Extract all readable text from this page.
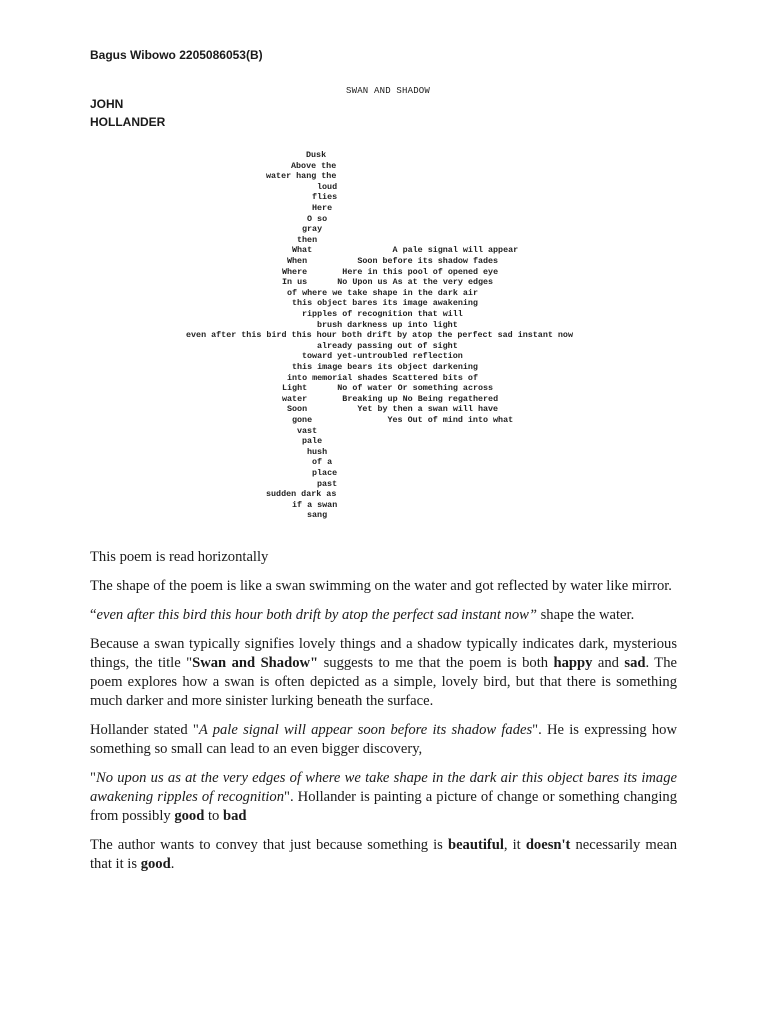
Bagus Wibowo 2205086053(B)
JOHN HOLLANDER
SWAN AND SHADOW
Dusk
Above the
water hang the
loud
flies
Here
O so
gray
then
What                A pale signal will appear
When          Soon before its shadow fades
Where       Here in this pool of opened eye
In us      No Upon us As at the very edges
of where we take shape in the dark air
this object bares its image awakening
ripples of recognition that will
brush darkness up into light
even after this bird this hour both drift by atop the perfect sad instant now
already passing out of sight
toward yet-untroubled reflection
this image bears its object darkening
into memorial shades Scattered bits of
Light      No of water Or something across
water       Breaking up No Being regathered
Soon          Yet by then a swan will have
gone               Yes Out of mind into what
vast
pale
hush
of a
place
past
sudden dark as
if a swan
sang

This poem is read horizontally

The shape of the poem is like a swan swimming on the water and got reflected by water like mirror.

“even after this bird this hour both drift by atop the perfect sad instant now” shape the water.

Because a swan typically signifies lovely things and a shadow typically indicates dark, mysterious things, the title "Swan and Shadow" suggests to me that the poem is both happy and sad. The poem explores how a swan is often depicted as a simple, lovely bird, but that there is something much darker and more sinister lurking beneath the surface.

Hollander stated "A pale signal will appear soon before its shadow fades". He is expressing how something so small can lead to an even bigger discovery,

"No upon us as at the very edges of where we take shape in the dark air this object bares its image awakening ripples of recognition". Hollander is painting a picture of change or something changing from possibly good to bad

The author wants to convey that just because something is beautiful, it doesn't necessarily mean that it is good.
